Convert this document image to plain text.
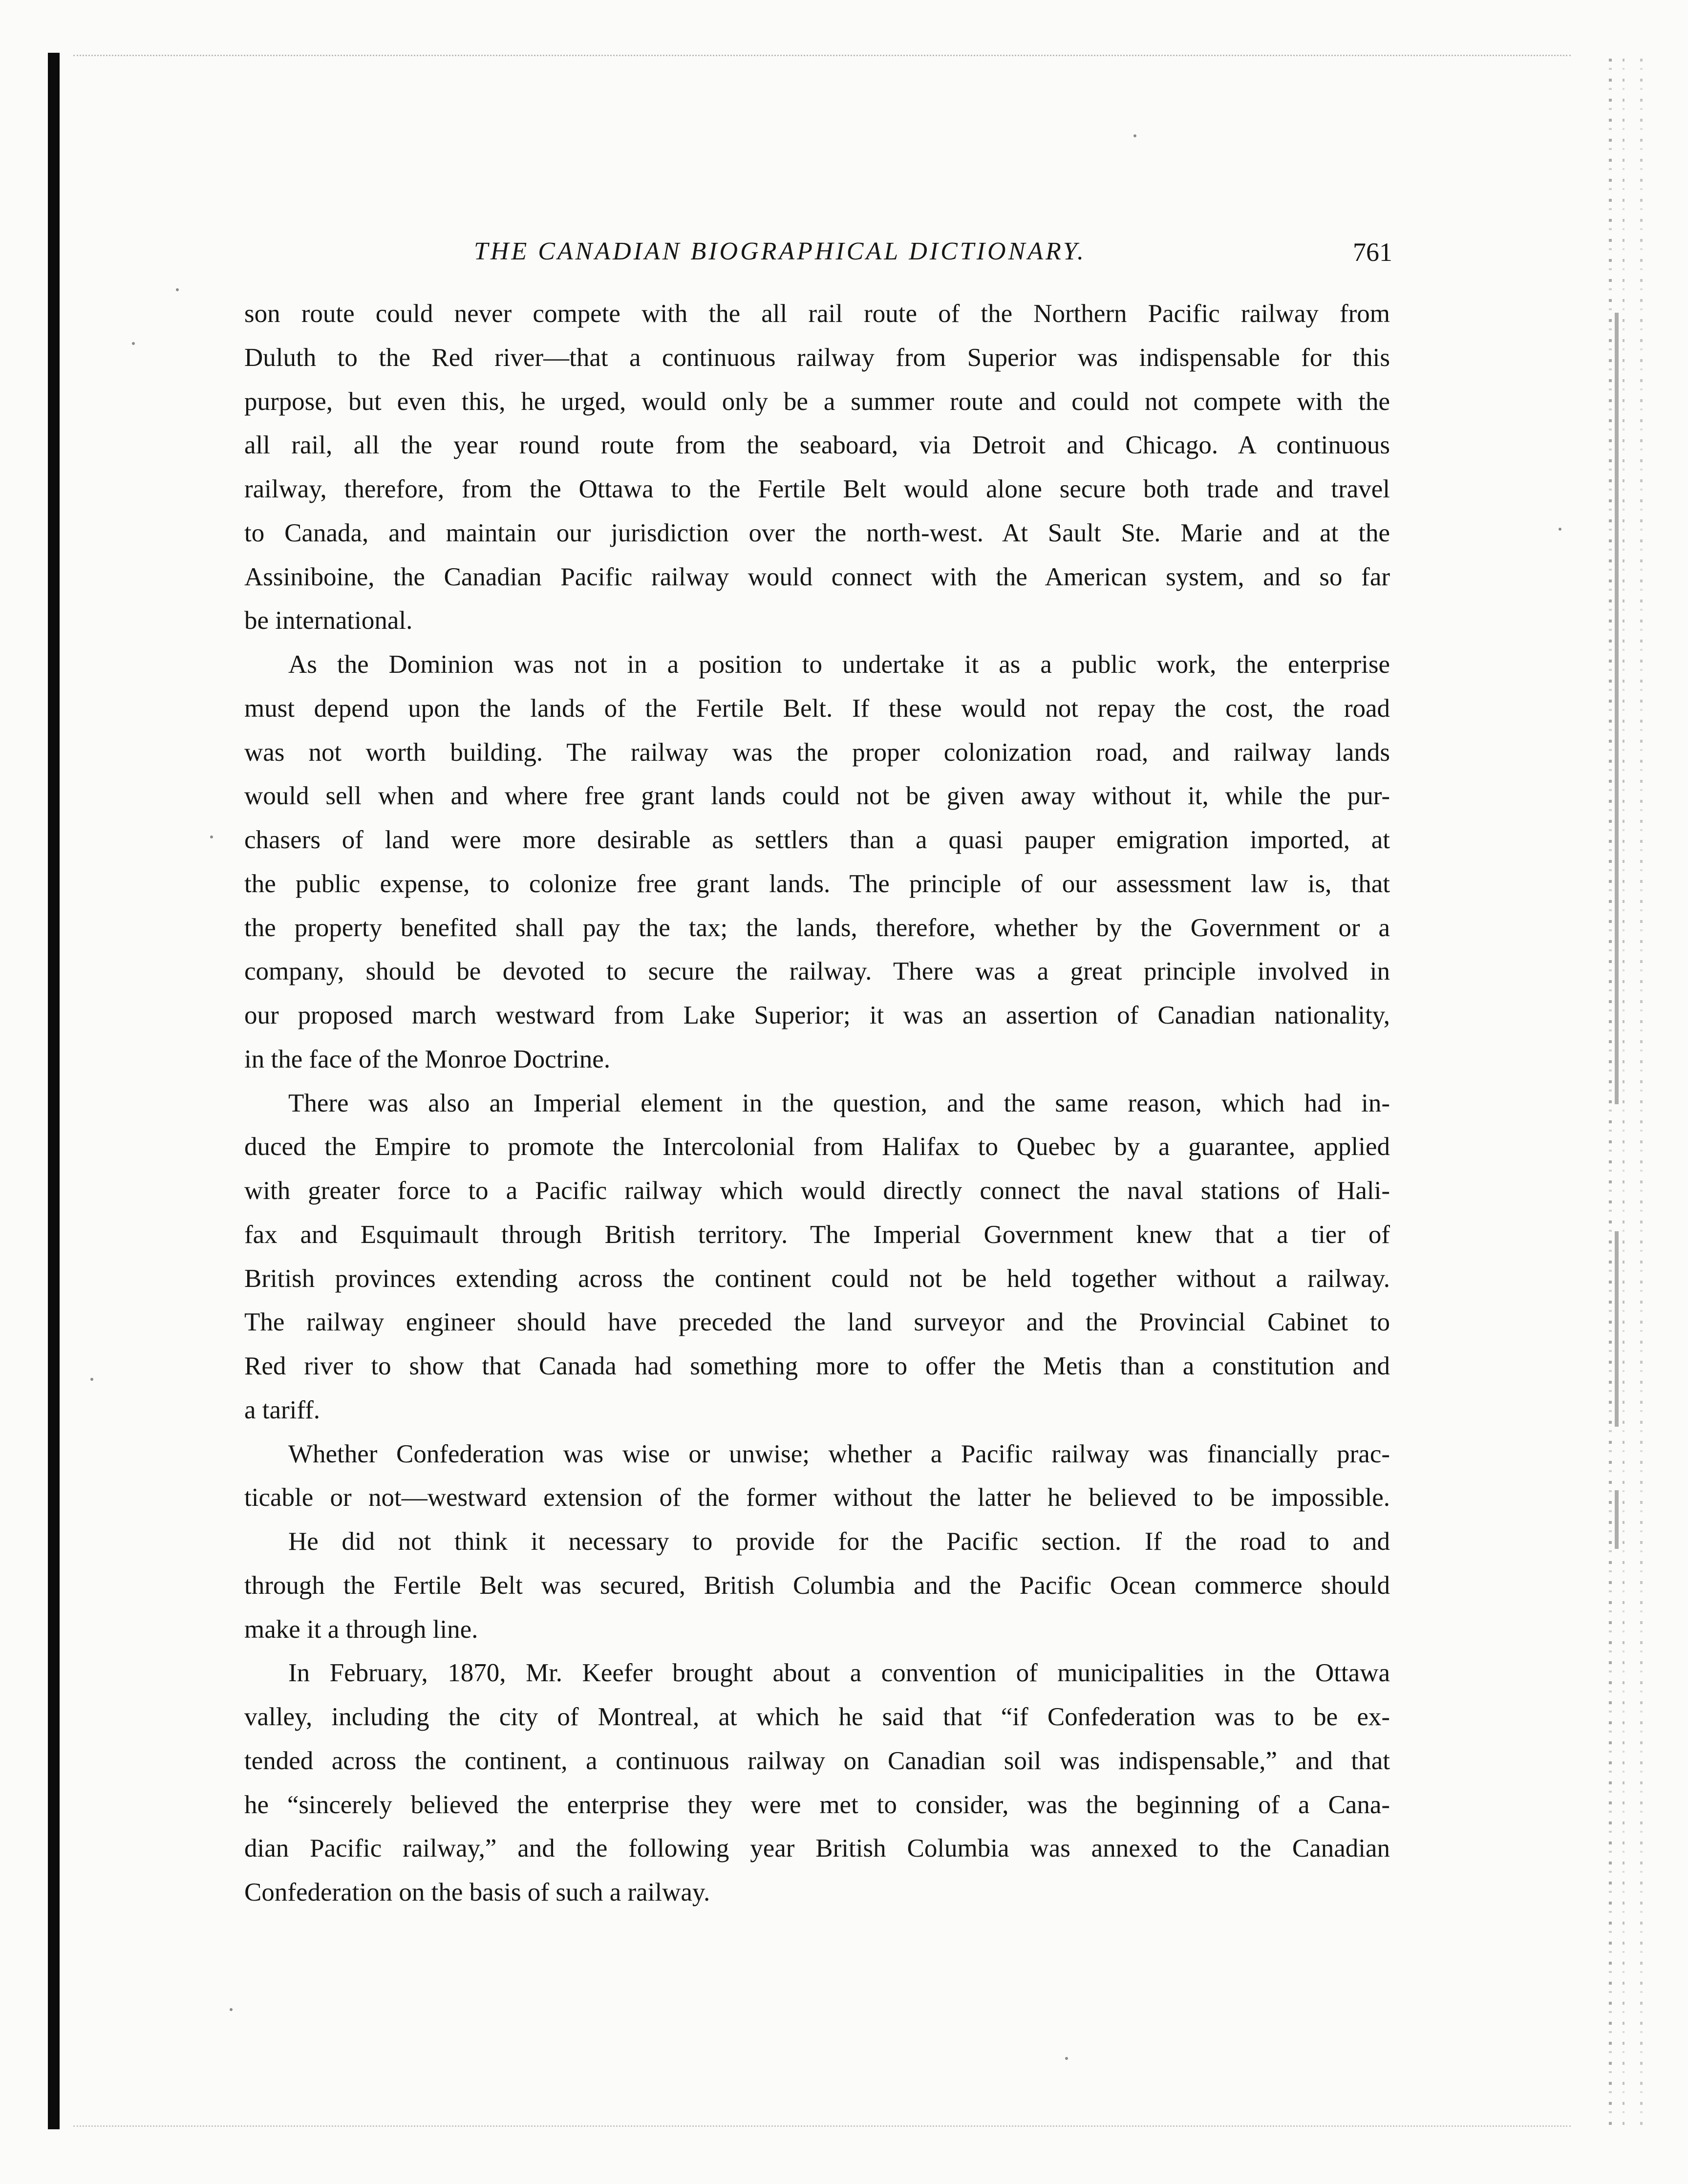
THE CANADIAN BIOGRAPHICAL DICTIONARY.	761
son route could never compete with the all rail route of the Northern Pacific railway from
Duluth to the Red river—that a continuous railway from Superior was indispensable for this
purpose, but even this, he urged, would only be a summer route and could not compete with the
all rail, all the year round route from the seaboard, via Detroit and Chicago. A continuous
railway, therefore, from the Ottawa to the Fertile Belt would alone secure both trade and travel
to Canada, and maintain our jurisdiction over the north-west. At Sault Ste. Marie and at the
Assiniboine, the Canadian Pacific railway would connect with the American system, and so far
be international.
As the Dominion was not in a position to undertake it as a public work, the enterprise
must depend upon the lands of the Fertile Belt. If these would not repay the cost, the road
was not worth building. The railway was the proper colonization road, and railway lands
would sell when and where free grant lands could not be given away without it, while the pur-
chasers of land were more desirable as settlers than a quasi pauper emigration imported, at
the public expense, to colonize free grant lands. The principle of our assessment law is, that
the property benefited shall pay the tax; the lands, therefore, whether by the Government or a
company, should be devoted to secure the railway. There was a great principle involved in
our proposed march westward from Lake Superior; it was an assertion of Canadian nationality,
in the face of the Monroe Doctrine.
There was also an Imperial element in the question, and the same reason, which had in-
duced the Empire to promote the Intercolonial from Halifax to Quebec by a guarantee, applied
with greater force to a Pacific railway which would directly connect the naval stations of Hali-
fax and Esquimault through British territory. The Imperial Government knew that a tier of
British provinces extending across the continent could not be held together without a railway.
The railway engineer should have preceded the land surveyor and the Provincial Cabinet to
Red river to show that Canada had something more to offer the Metis than a constitution and
a tariff.
Whether Confederation was wise or unwise; whether a Pacific railway was financially prac-
ticable or not—westward extension of the former without the latter he believed to be impossible.
He did not think it necessary to provide for the Pacific section. If the road to and
through the Fertile Belt was secured, British Columbia and the Pacific Ocean commerce should
make it a through line.
In February, 1870, Mr. Keefer brought about a convention of municipalities in the Ottawa
valley, including the city of Montreal, at which he said that “if Confederation was to be ex-
tended across the continent, a continuous railway on Canadian soil was indispensable,” and that
he “sincerely believed the enterprise they were met to consider, was the beginning of a Cana-
dian Pacific railway,” and the following year British Columbia was annexed to the Canadian
Confederation on the basis of such a railway.
